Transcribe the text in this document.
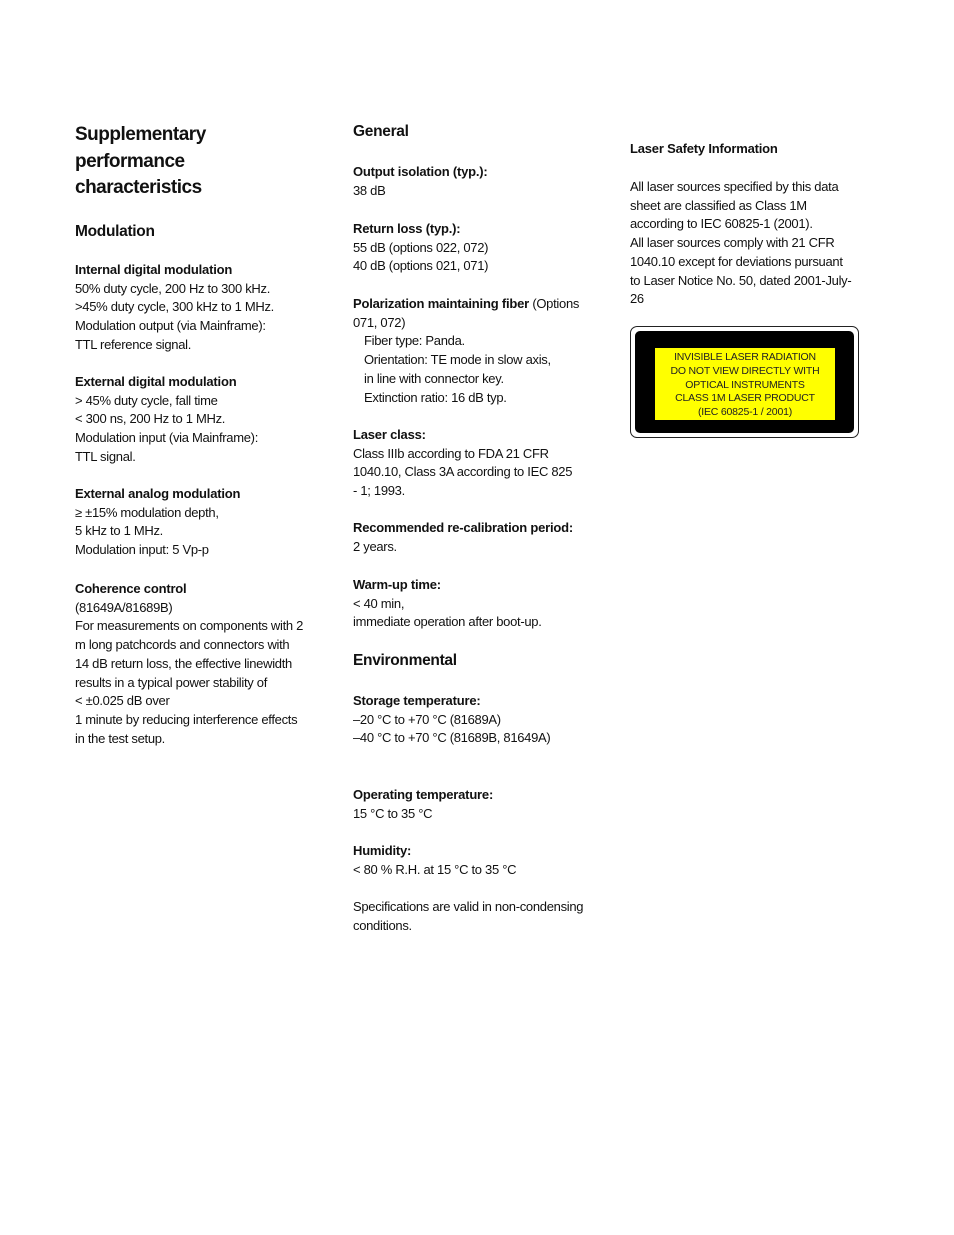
Supplementary
performance
characteristics
Modulation
Internal digital modulation
50% duty cycle, 200 Hz to 300 kHz.
>45% duty cycle, 300 kHz to 1 MHz.
Modulation output (via Mainframe):
TTL reference signal.
External digital modulation
> 45% duty cycle, fall time
< 300 ns, 200 Hz to 1 MHz.
Modulation input (via Mainframe):
TTL signal.
External analog modulation
≥ ±15% modulation depth,
5 kHz to 1 MHz.
Modulation input: 5 Vp-p
Coherence control
(81649A/81689B)
For measurements on components with 2
m long patchcords and connectors with
14 dB return loss, the effective linewidth
results in a typical power stability of
< ±0.025 dB over
1 minute by reducing interference effects
in the test setup.
General
Output isolation (typ.):
38 dB
Return loss (typ.):
55 dB (options 022, 072)
40 dB (options 021, 071)
Polarization maintaining fiber (Options
071, 072)
Fiber type: Panda.
Orientation: TE mode in slow axis,
in line with connector key.
Extinction ratio: 16 dB typ.
Laser class:
Class IIIb according to FDA 21 CFR
1040.10, Class 3A according to IEC 825
- 1; 1993.
Recommended re-calibration period:
2 years.
Warm-up time:
< 40 min,
immediate operation after boot-up.
Environmental
Storage temperature:
–20 °C to +70 °C (81689A)
–40 °C to +70 °C (81689B, 81649A)
Operating temperature:
15 °C to 35 °C
Humidity:
< 80 % R.H. at 15 °C to 35 °C
Specifications are valid in non-condensing
conditions.
Laser Safety Information
All laser sources specified by this data
sheet are classified as Class 1M
according to IEC 60825-1 (2001).
All laser sources comply with 21 CFR
1040.10 except for deviations pursuant
to Laser Notice No. 50, dated 2001-July-
26
INVISIBLE LASER RADIATION
DO NOT VIEW DIRECTLY WITH
OPTICAL INSTRUMENTS
CLASS 1M LASER PRODUCT
(IEC 60825-1 / 2001)
